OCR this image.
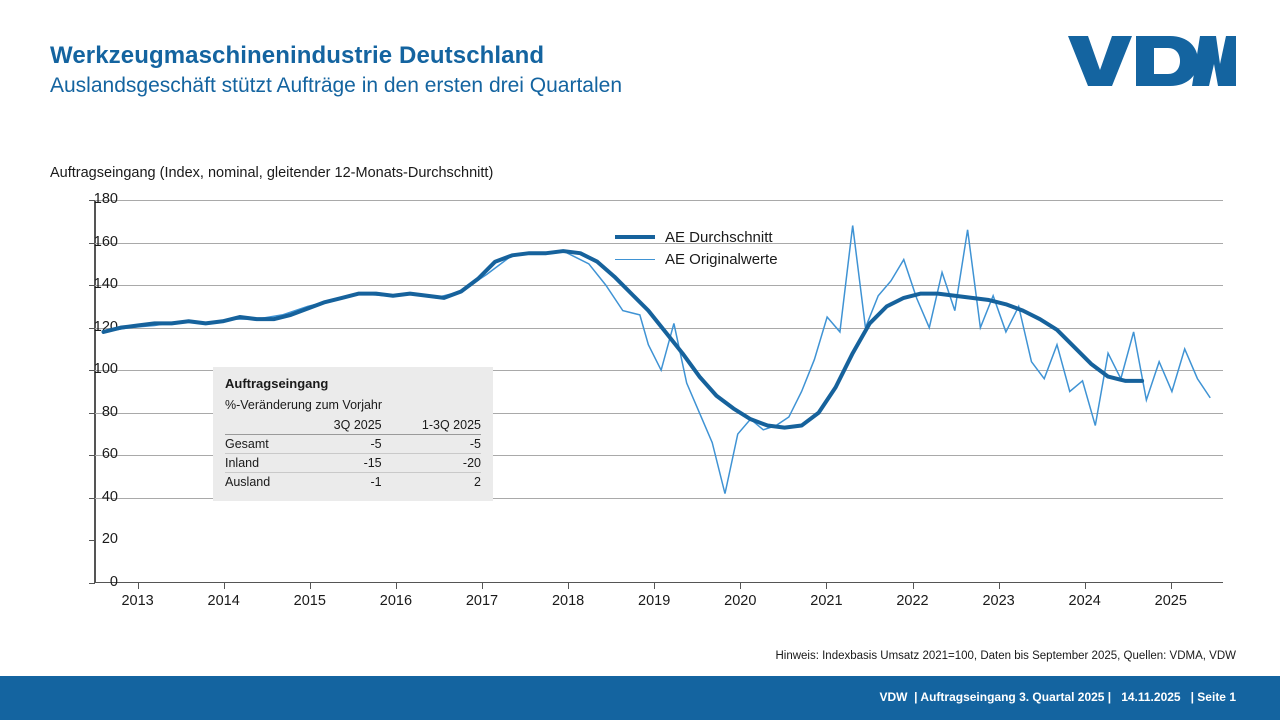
Werkzeugmaschinenindustrie Deutschland
Auslandsgeschäft stützt Aufträge in den ersten drei Quartalen
Auftragseingang (Index, nominal, gleitender 12-Monats-Durchschnitt)
180
160
140
120
100
80
60
40
20
0
2013	2014	2015	2016	2017	2018	2019	2020	2021	2022	2023	2024	2025
AE Durchschnitt
AE Originalwerte
Auftragseingang
%-Veränderung zum Vorjahr
	3Q 2025	1-3Q 2025
Gesamt	-5	-5
Inland	-15	-20
Ausland	-1	2
Hinweis: Indexbasis Umsatz 2021=100, Daten bis September 2025, Quellen: VDMA, VDW
VDW | Auftragseingang 3. Quartal 2025 | 14.11.2025 | Seite 1
